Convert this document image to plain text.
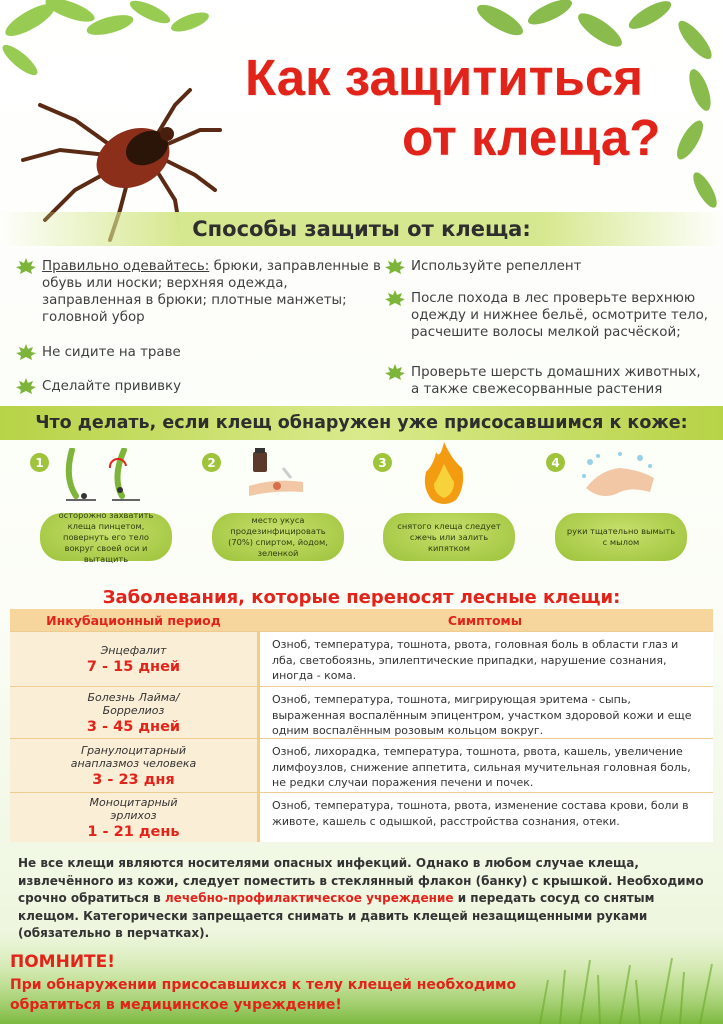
Как защититься
от клеща?
Способы защиты от клеща:
Правильно одевайтесь: брюки, заправленные в обувь или носки; верхняя одежда, заправленная в брюки; плотные манжеты; головной убор
Не сидите на траве
Сделайте прививку
Используйте репеллент
После похода в лес проверьте верхнюю одежду и нижнее бельё, осмотрите тело, расчешите волосы мелкой расчёской;
Проверьте шерсть домашних животных, а также свежесорванные растения
Что делать, если клещ обнаружен уже присосавшимся к коже:
1
осторожно захватить клеща пинцетом, повернуть его тело вокруг своей оси и вытащить
2
место укуса продезинфицировать (70%) спиртом, йодом, зеленкой
3
снятого клеща следует сжечь или залить кипятком
4
руки тщательно вымыть с мылом
Заболевания, которые переносят лесные клещи:
Инкубационный период	Симптомы
Энцефалит
7 - 15 дней
Озноб, температура, тошнота, рвота, головная боль в области глаз и лба, светобоязнь, эпилептические припадки, нарушение сознания, иногда - кома.
Болезнь Лайма/ Боррелиоз
3 - 45 дней
Озноб, температура, тошнота, мигрирующая эритема - сыпь, выраженная воспалённым эпицентром, участком здоровой кожи и еще одним воспалённым розовым кольцом вокруг.
Гранулоцитарный анаплазмоз человека
3 - 23 дня
Озноб, лихорадка, температура, тошнота, рвота, кашель, увеличение лимфоузлов, снижение аппетита, сильная мучительная головная боль, не редки случаи поражения печени и почек.
Моноцитарный эрлихоз
1 - 21 день
Озноб, температура, тошнота, рвота, изменение состава крови, боли в животе, кашель с одышкой, расстройства сознания, отеки.
Не все клещи являются носителями опасных инфекций. Однако в любом случае клеща, извлечённого из кожи, следует поместить в стеклянный флакон (банку) с крышкой. Необходимо срочно обратиться в лечебно-профилактическое учреждение и передать сосуд со снятым клещом. Категорически запрещается снимать и давить клещей незащищенными руками (обязательно в перчатках).
ПОМНИТЕ!
При обнаружении присосавшихся к телу клещей необходимо обратиться в медицинское учреждение!
